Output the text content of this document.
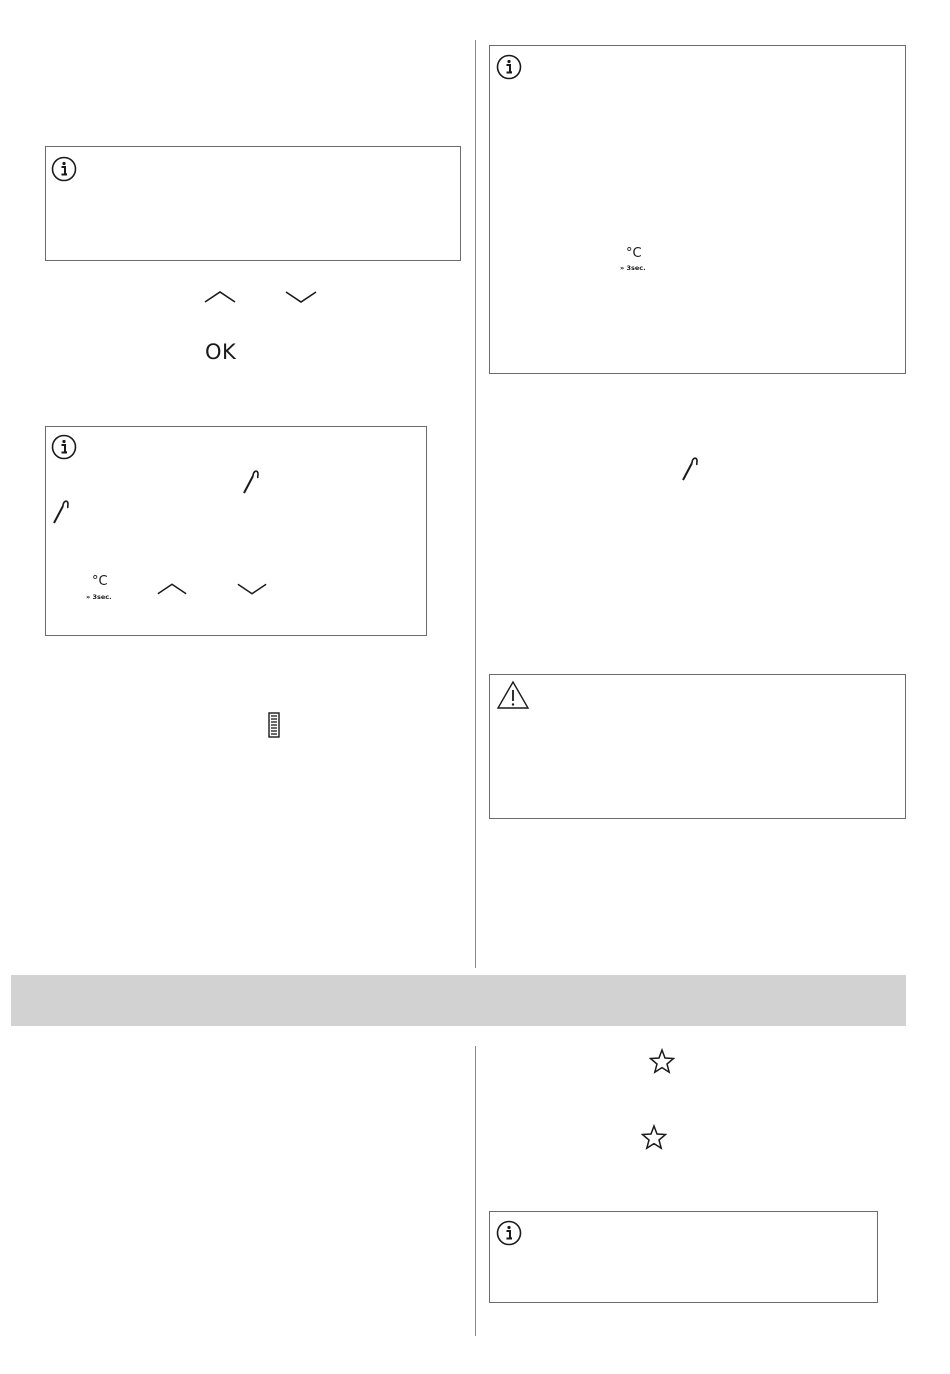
OK
°C
» 3sec.
°C
» 3sec.
